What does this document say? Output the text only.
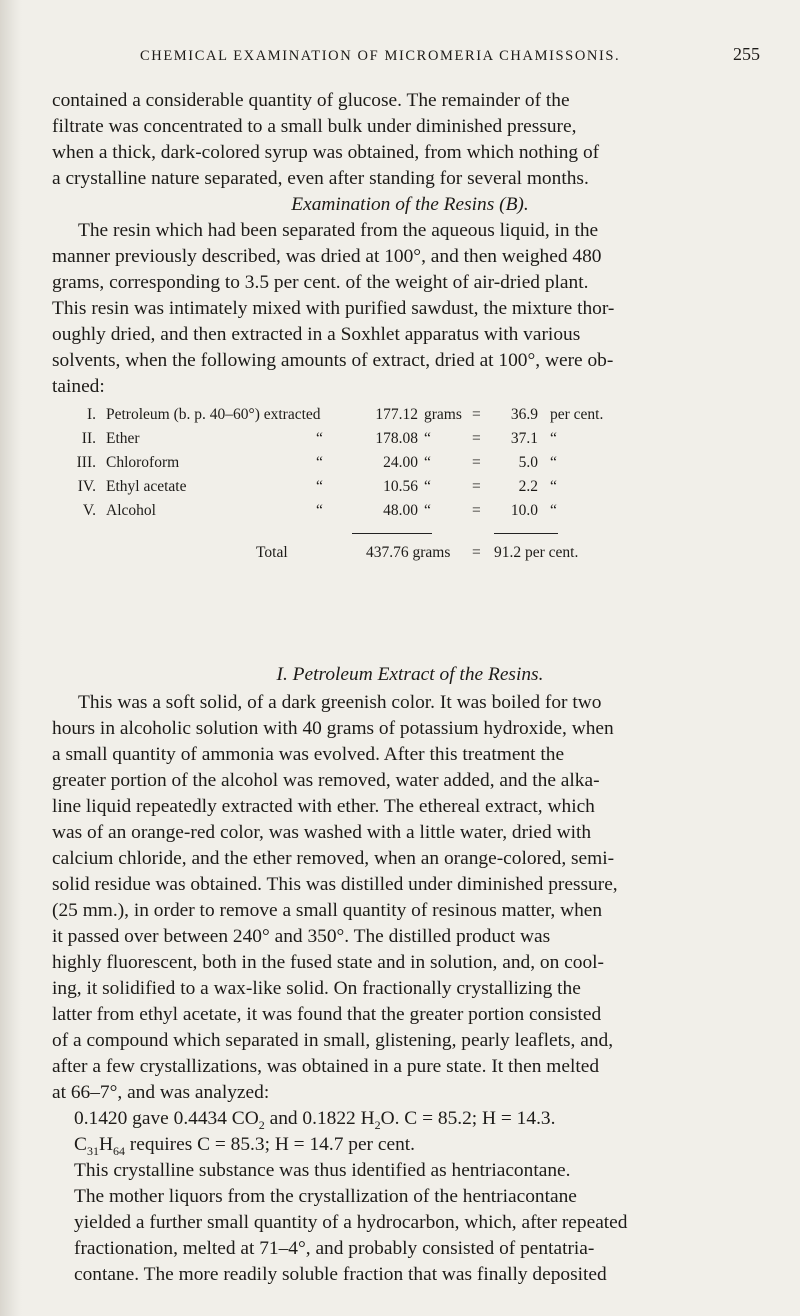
CHEMICAL EXAMINATION OF MICROMERIA CHAMISSONIS.	255

contained a considerable quantity of glucose. The remainder of the

filtrate was concentrated to a small bulk under diminished pressure,

when a thick, dark-colored syrup was obtained, from which nothing of

a crystalline nature separated, even after standing for several months.

Examination of the Resins (B).

The resin which had been separated from the aqueous liquid, in the

manner previously described, was dried at 100°, and then weighed 480

grams, corresponding to 3.5 per cent. of the weight of air-dried plant.

This resin was intimately mixed with purified sawdust, the mixture thor-

oughly dried, and then extracted in a Soxhlet apparatus with various

solvents, when the following amounts of extract, dried at 100°, were ob-

tained:

I. Petroleum (b. p. 40–60°) extracted	177.12 grams =	36.9 per cent.
II. Ether	“	178.08 “	=	37.1 “
III. Chloroform	“	24.00 “	=	5.0 “
IV. Ethyl acetate	“	10.56 “	=	2.2 “
V. Alcohol	“	48.00 “	=	10.0 “
Total	437.76 grams = 91.2 per cent.
I. Petroleum Extract of the Resins.

This was a soft solid, of a dark greenish color. It was boiled for two

hours in alcoholic solution with 40 grams of potassium hydroxide, when

a small quantity of ammonia was evolved. After this treatment the

greater portion of the alcohol was removed, water added, and the alka-

line liquid repeatedly extracted with ether. The ethereal extract, which

was of an orange-red color, was washed with a little water, dried with

calcium chloride, and the ether removed, when an orange-colored, semi-

solid residue was obtained. This was distilled under diminished pressure,

(25 mm.), in order to remove a small quantity of resinous matter, when

it passed over between 240° and 350°. The distilled product was

highly fluorescent, both in the fused state and in solution, and, on cool-

ing, it solidified to a wax-like solid. On fractionally crystallizing the

latter from ethyl acetate, it was found that the greater portion consisted

of a compound which separated in small, glistening, pearly leaflets, and,

after a few crystallizations, was obtained in a pure state. It then melted

at 66–7°, and was analyzed:

0.1420 gave 0.4434 $CO_2$ and 0.1822 $H_2O$. C = 85.2; H = 14.3.

$C_{31}H_{64}$ requires C = 85.3; H = 14.7 per cent.

This crystalline substance was thus identified as hentriacontane.

The mother liquors from the crystallization of the hentriacontane

yielded a further small quantity of a hydrocarbon, which, after repeated

fractionation, melted at 71–4°, and probably consisted of pentatria-

contane. The more readily soluble fraction that was finally deposited
